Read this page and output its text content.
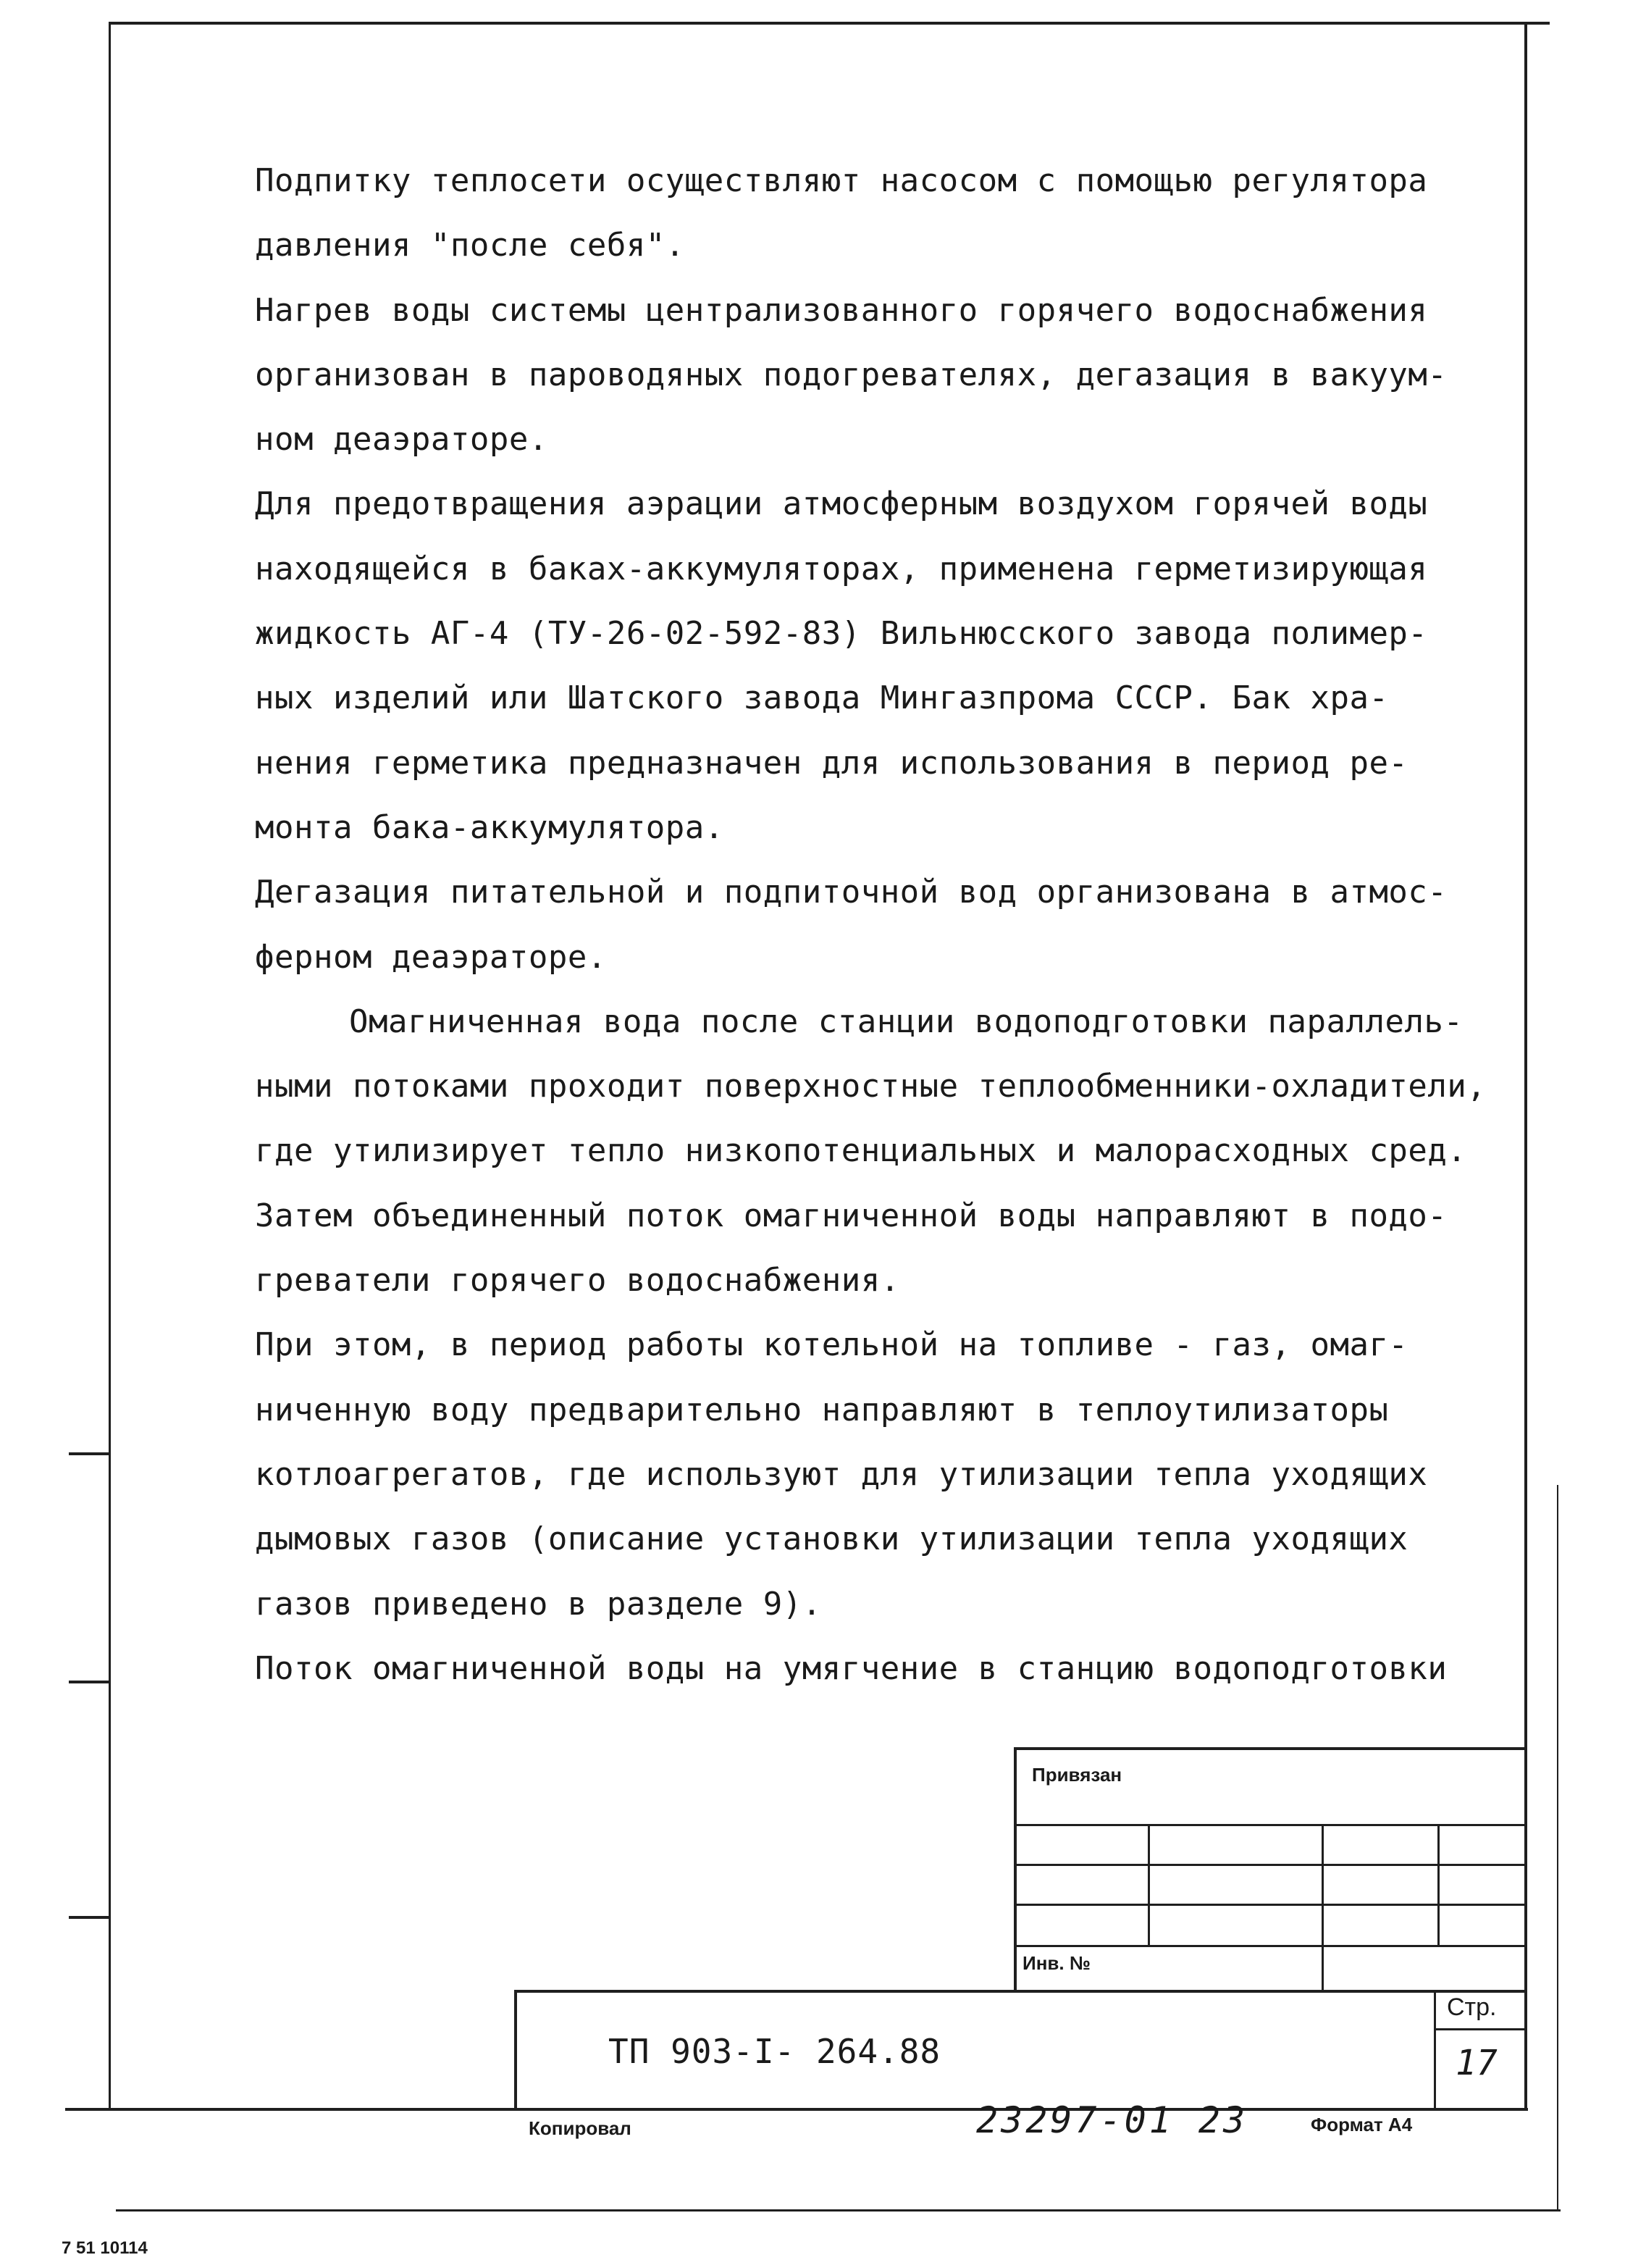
Подпитку теплосети осуществляют насосом с помощью регулятора

давления "после себя".

Нагрев воды системы централизованного горячего водоснабжения

организован в пароводяных подогревателях, дегазация в вакуум-

ном деаэраторе.

Для предотвращения аэрации атмосферным воздухом горячей воды

находящейся в баках-аккумуляторах, применена герметизирующая

жидкость АГ-4 (ТУ-26-02-592-83) Вильнюсского завода полимер-

ных изделий или Шатского завода Мингазпрома СССР. Бак хра-

нения герметика предназначен для использования в период ре-

монта бака-аккумулятора.

Дегазация питательной и подпиточной вод организована в атмос-

ферном деаэраторе.

Омагниченная вода после станции водоподготовки параллель-

ными потоками проходит поверхностные теплообменники-охладители,

где утилизирует тепло низкопотенциальных и малорасходных сред.

Затем объединенный поток омагниченной воды направляют в подо-

греватели горячего водоснабжения.

При этом, в период работы котельной на топливе - газ, омаг-

ниченную воду предварительно направляют в теплоутилизаторы

котлоагрегатов, где используют для утилизации тепла уходящих

дымовых газов (описание установки утилизации тепла уходящих

газов приведено в разделе 9).

Поток омагниченной воды на умягчение в станцию водоподготовки

Привязан
Инв. №
Стр.
17
ТП 903-I- 264.88
Копировал	23297-01 23	Формат А4
7 51 10114
